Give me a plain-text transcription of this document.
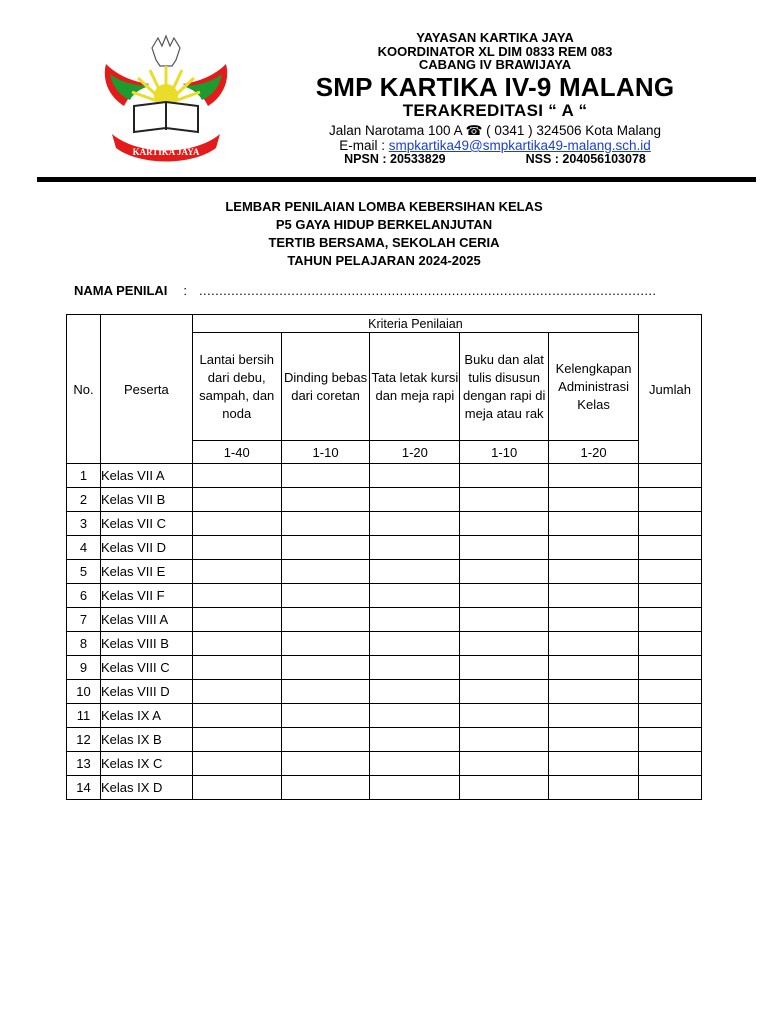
KARTIKA JAYA
YAYASAN KARTIKA JAYA
KOORDINATOR XL DIM 0833 REM 083
CABANG IV BRAWIJAYA
SMP KARTIKA IV-9 MALANG
TERAKREDITASI “ A “
Jalan Narotama 100 A ☎ ( 0341 ) 324506 Kota Malang
E-mail : smpkartika49@smpkartika49-malang.sch.id
NPSN : 20533829	NSS : 204056103078
LEMBAR PENILAIAN LOMBA KEBERSIHAN KELAS
P5 GAYA HIDUP BERKELANJUTAN
TERTIB BERSAMA, SEKOLAH CERIA
TAHUN PELAJARAN 2024-2025
NAMA PENILAI : ..................................................................................................................
No.	Peserta	Kriteria Penilaian					Jumlah
		Lantai bersih dari debu, sampah, dan noda	Dinding bebas dari coretan	Tata letak kursi dan meja rapi	Buku dan alat tulis disusun dengan rapi di meja atau rak	Kelengkapan Administrasi Kelas	
		1-40	1-10	1-20	1-10	1-20	
1	Kelas VII A						
2	Kelas VII B						
3	Kelas VII C						
4	Kelas VII D						
5	Kelas VII E						
6	Kelas VII F						
7	Kelas VIII A						
8	Kelas VIII B						
9	Kelas VIII C						
10	Kelas VIII D						
11	Kelas IX A						
12	Kelas IX B						
13	Kelas IX C						
14	Kelas IX D						
